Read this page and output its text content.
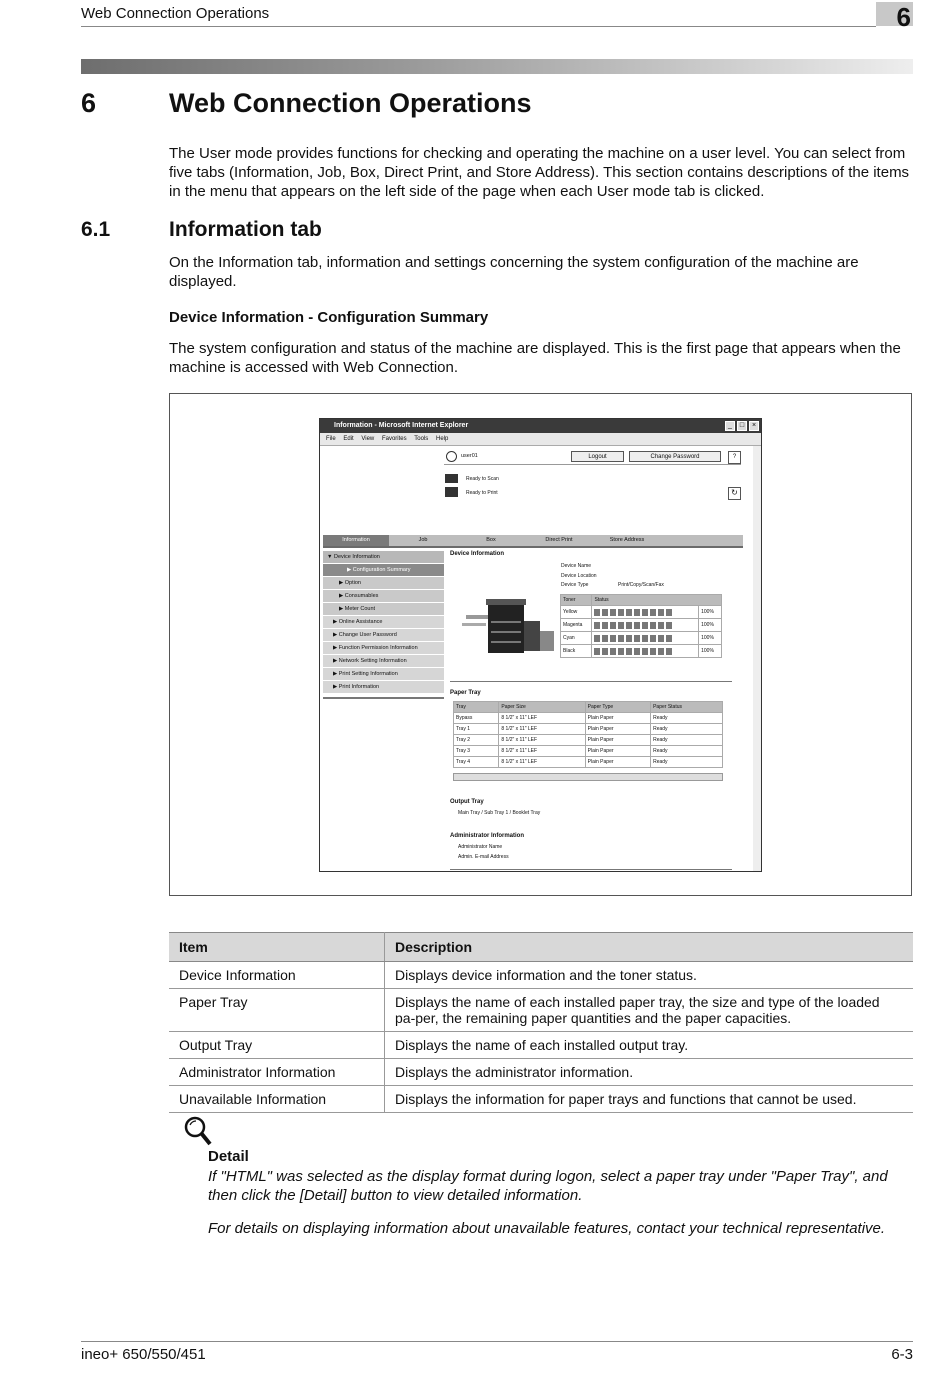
Web Connection Operations	6
6	Web Connection Operations
The User mode provides functions for checking and operating the machine on a user level. You can select from five tabs (Information, Job, Box, Direct Print, and Store Address). This section contains descriptions of the items in the menu that appears on the left side of the page when each User mode tab is clicked.
6.1	Information tab
On the Information tab, information and settings concerning the system configuration of the machine are displayed.
Device Information - Configuration Summary
The system configuration and status of the machine are displayed. This is the first page that appears when the machine is accessed with Web Connection.
Information - Microsoft Internet Explorer	_	□	×
File Edit View Favorites Tools Help
user01	Logout	Change Password	?
Ready to Scan
Ready to Print	↻
Information	Job	Box	Direct Print	Store Address
▼ Device Information
▶ Configuration Summary
▶ Option
▶ Consumables
▶ Meter Count
▶ Online Assistance
▶ Change User Password
▶ Function Permission Information
▶ Network Setting Information
▶ Print Setting Information
▶ Print Information
Device Information
Device Name
Device Location
Device Type	Print/Copy/Scan/Fax
Toner	Status	
Yellow		100%
Magenta		100%
Cyan		100%
Black		100%
Paper Tray
Tray	Paper Size	Paper Type	Paper Status
Bypass	8 1/2" x 11" LEF	Plain Paper	Ready
Tray 1	8 1/2" x 11" LEF	Plain Paper	Ready
Tray 2	8 1/2" x 11" LEF	Plain Paper	Ready
Tray 3	8 1/2" x 11" LEF	Plain Paper	Ready
Tray 4	8 1/2" x 11" LEF	Plain Paper	Ready
Output Tray
Main Tray / Sub Tray 1 / Booklet Tray
Administrator Information
Administrator Name
Admin. E-mail Address
Item	Description
Device Information	Displays device information and the toner status.
Paper Tray	Displays the name of each installed paper tray, the size and type of the loaded pa-per, the remaining paper quantities and the paper capacities.
Output Tray	Displays the name of each installed output tray.
Administrator Information	Displays the administrator information.
Unavailable Information	Displays the information for paper trays and functions that cannot be used.
Detail
If "HTML" was selected as the display format during logon, select a paper tray under "Paper Tray", and then click the [Detail] button to view detailed information.
For details on displaying information about unavailable features, contact your technical representative.
ineo+ 650/550/451	6-3
